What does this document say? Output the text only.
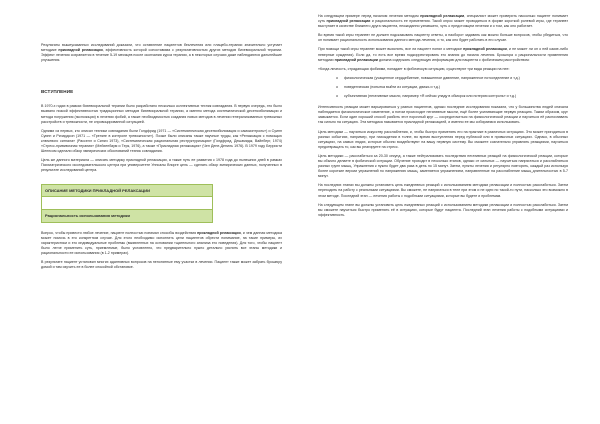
Результаты вышеуказанных исследований доказали, что оставление пациентов безлечения или плацебо-терапии значительно уступает методике прикладной релаксации, эффективность которой сопоставима с результативностью других методов бихевиоральной терапии. Эффект лечения сохраняется в течение 5-19 месяцев после окончания курса терапии, а в некоторых случаях даже наблюдаются дальнейшие улучшения.

ВСТУПЛЕНИЕ

В 1970-х годах в рамках бихевиоральной терапии было разработано несколько коллективных техник совладания. В первую очередь, это было вызвано низкой эффективностью традиционных методов бихевиоральной терапии, а именно метода систематической десенсибилизации и метода погружения (экспозиции) в лечении фобий, а также необходимостью создания новых методов в лечении генерализованных тревожных расстройств и тревожности, не спровоцированной ситуацией.

Одними из первых, кто описал техники совладания были Голдфрид (1971 — «Систематическая десенсибилизация и самоконтроль») и Суинн Суинн и Ричардсон (1971 — «Тренинг в контроле тревожности»). Позже были описаны также научные труды, как «Релаксация с помощью ключевого сигнала» (Расселл и Сипич 1973), «Систематическая рациональная реструктуризация» (Голдфрид, Дешамидж, Вайнберг, 1974) «Стресс-прививочная терапия» (Мейхенбаум и Терк, 1976), а также «Прикладная релаксация» (Чен Дене-Дениль 1976). В 1979 году Берристи Шеппсом сделали обзор эмпирических обоснований техник совладания.

Цель же данного материала — описать методику прикладной релаксации, а также путь ее развития с 1978 года до нынешних дней в рамках Психиатрического исследовательского центра при университете Уппсалы Впорге цель — сделать обзор эмпирических данных, полученных в результате исследований центра.

ОПИСАНИЕ МЕТОДИКИ ПРИКЛАДНОЙ РЕЛАКСАЦИИ
Рациональность использования методики

Вопрос, чтобы привести любое лечение, пациент полностью понимал способы воздействия прикладной релаксации, и чем данная методика может помочь в его конкретном случае. Для этого необходимо исполнить цели пациентов обрести понимание, на такие примеры, их характеристики и его индивидуальные проблемы (выявленных на основании тщательного анализа его поведения). Для того, чтобы пациент было легче применить суть, приемлемые, было условленно, что предварительно нужно детально уяснить все этапы методики и рациональности ее использования (в 1-2 примерах).

В результате пациент установил многих адаптивных вопросов на непонятные ему участки в лечении. Пациент также может забрать брошюру домой и там изучить ее в более спокойной обстановке.

На следующем примере перед началом лечения методом прикладной релаксации, специалист может проверить насколько пациент понимает суть прикладной релаксации и рациональность ее применения. Такой опрос может проводиться в форме короткой ролевой игры, где терапевт выступает в качестве ближнего друга пациента, неожиданно узнавшего, чуть о предстоящем лечении и о том, как оно работает.

Во время такой игры терапевт не должен подсказывать пациенту ответы, а наоборот задавать как можно больше вопросов, чтобы убедиться, что он понимает рациональность использования данного метода лечения, и то, как оно будет работать в его случае.

При помощи такой игры терапевт может выяснить, все ли пациент понял о методике прикладной релаксации, и не может ли он о ней какие-либо неверные суждения). Если да, то есть все время подкорректировать его знания до начала лечения. Брошюра о рациональности применения методики прикладной релаксации должна содержать следующую информацию для пациента с фобическим расстройством:

«Когда личность, страдающая фобиями, попадает в фобическую ситуацию, существуют три вида реакции на нее:

o физиологическая (учащенное сердцебиение, повышенное давление, напряженное потоотделение и т.д.)
o поведенческая (попытка выйти из ситуации, движь и т.д.)
o субъективная (негативные мысли, например «Я сейчас упаду в обморок или потеряю контроль» и т.д.)

Интенсивность реакции может варьироваться у разных пациентов, однако последние исследования показали, что у большинства людей сначала наблюдается физиологическое изменение, а потом происходит негативные мысли, ещё более усиливающие первую реакцию. Таким образом, круг замыкается. Если один хороший способ разбить этот порочный круг — сосредоточиться на физиологической реакции и научиться её распознавать так сильно на ситуацию. Эта методика называется прикладной релаксацией, и именно ее мы собираемся использовать.

Цель методики — научиться искусству расслабления, и, чтобы быстро применять его на практике в различных ситуациях. Это может пригодиться в разных событиях, например, при нахождении в толпе, во время выступления перед публикой или в привычных ситуациях. Однако, в обычных ситуациях, на самых людях, которые обычно воздействуют на вашу нервную систему. Вы сможете сознательно управлять реакциями, научиться предотвращать то, как вы реагируете на стресс.

Цель методики — расслабиться за 20-30 секунд, а также нейтрализовать последствия негативных реакций на физиологической реакции, которые вы обычно делаете в фобической ситуации. Обучение проходит в несколько этапов, однако от сильных — научиться напрягаться и расслабляться разных групп мышц. Упражнения к нужно будет два раза в день по 15 минут. Затем, пункты лечения и регулярно повторять, каждый раз используя более короткие версии упражнений по напряжению мышц, заменяется упражнением, направленные на расслабление мышц длительностью в 5-7 минут.

На последних этапах вы должны установить цель ежедневных реакций с использованием методики релаксации и полностью расслабиться. Затем переходить на работу с реальными ситуациями. Вы сможете, не напрягаться в теле при этом и не идти по такой-то пути, насколько это возможно в этом методе. Последний этап — лечения работы с подобными ситуациями, которые вы будете и проблемам.

На следующем этапе вы должны установить цель ежедневных реакций с использованием методики релаксации и полностью расслабиться. Затем вы сможете научиться быстро применять её в ситуациях, которые будут пациента. Последний этап лечения работы с подобными ситуациями и эффективность.
